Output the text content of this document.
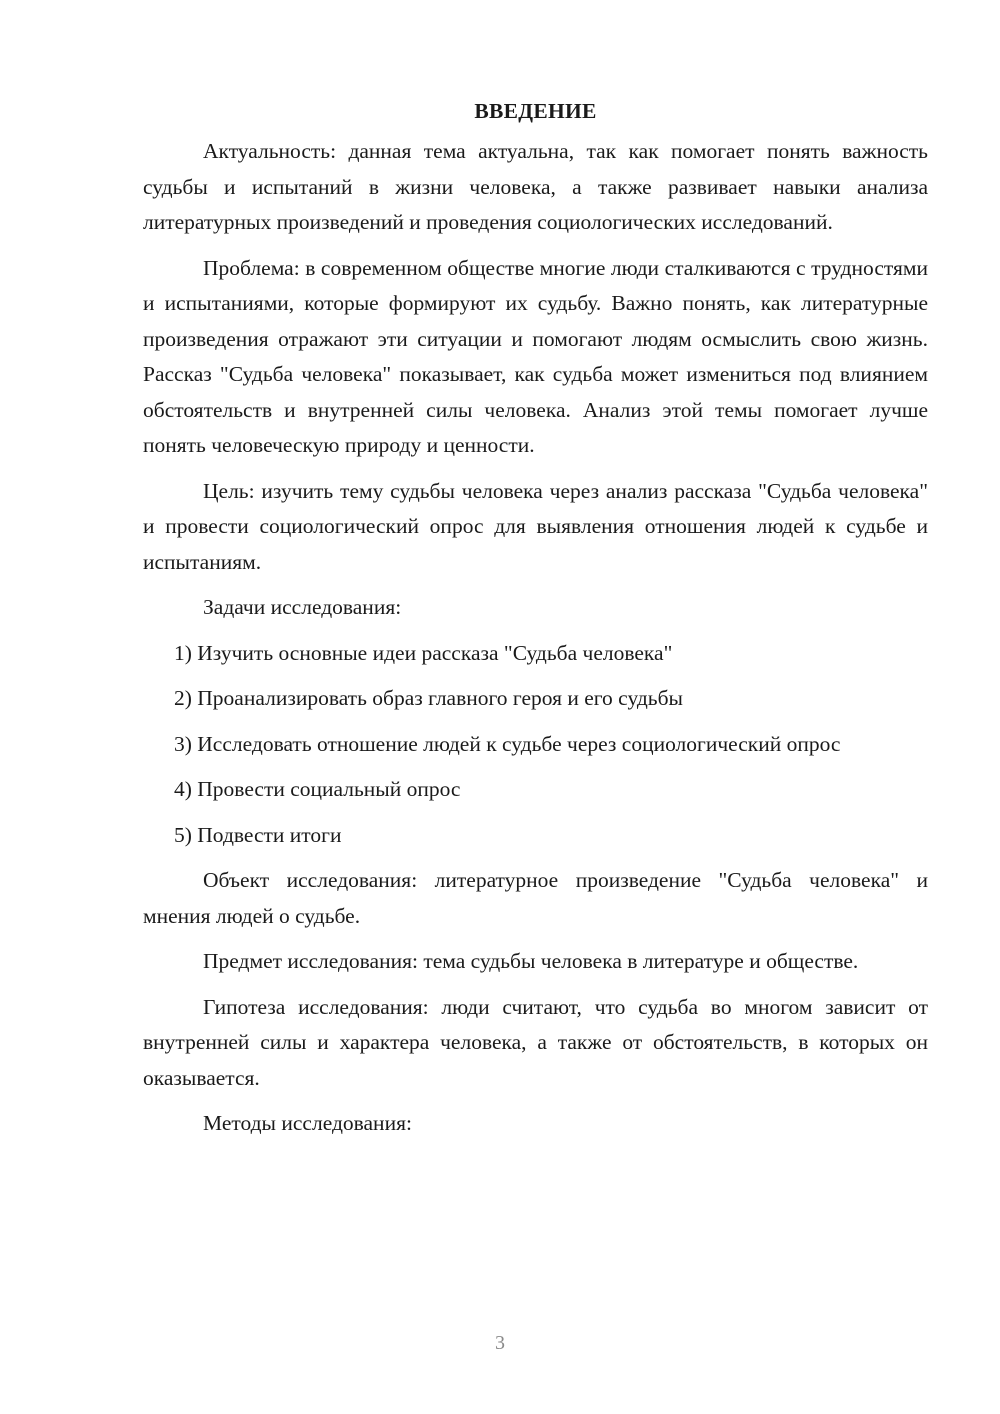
ВВЕДЕНИЕ

Актуальность: данная тема актуальна, так как помогает понять важность судьбы и испытаний в жизни человека, а также развивает навыки анализа литературных произведений и проведения социологических исследований.

Проблема: в современном обществе многие люди сталкиваются с трудностями и испытаниями, которые формируют их судьбу. Важно понять, как литературные произведения отражают эти ситуации и помогают людям осмыслить свою жизнь. Рассказ "Судьба человека" показывает, как судьба может измениться под влиянием обстоятельств и внутренней силы человека. Анализ этой темы помогает лучше понять человеческую природу и ценности.

Цель: изучить тему судьбы человека через анализ рассказа "Судьба человека" и провести социологический опрос для выявления отношения людей к судьбе и испытаниям.

Задачи исследования:

1) Изучить основные идеи рассказа "Судьба человека"

2) Проанализировать образ главного героя и его судьбы

3) Исследовать отношение людей к судьбе через социологический опрос

4) Провести социальный опрос

5) Подвести итоги

Объект исследования: литературное произведение "Судьба человека" и мнения людей о судьбе.

Предмет исследования: тема судьбы человека в литературе и обществе.

Гипотеза исследования: люди считают, что судьба во многом зависит от внутренней силы и характера человека, а также от обстоятельств, в которых он оказывается.

Методы исследования:

3
